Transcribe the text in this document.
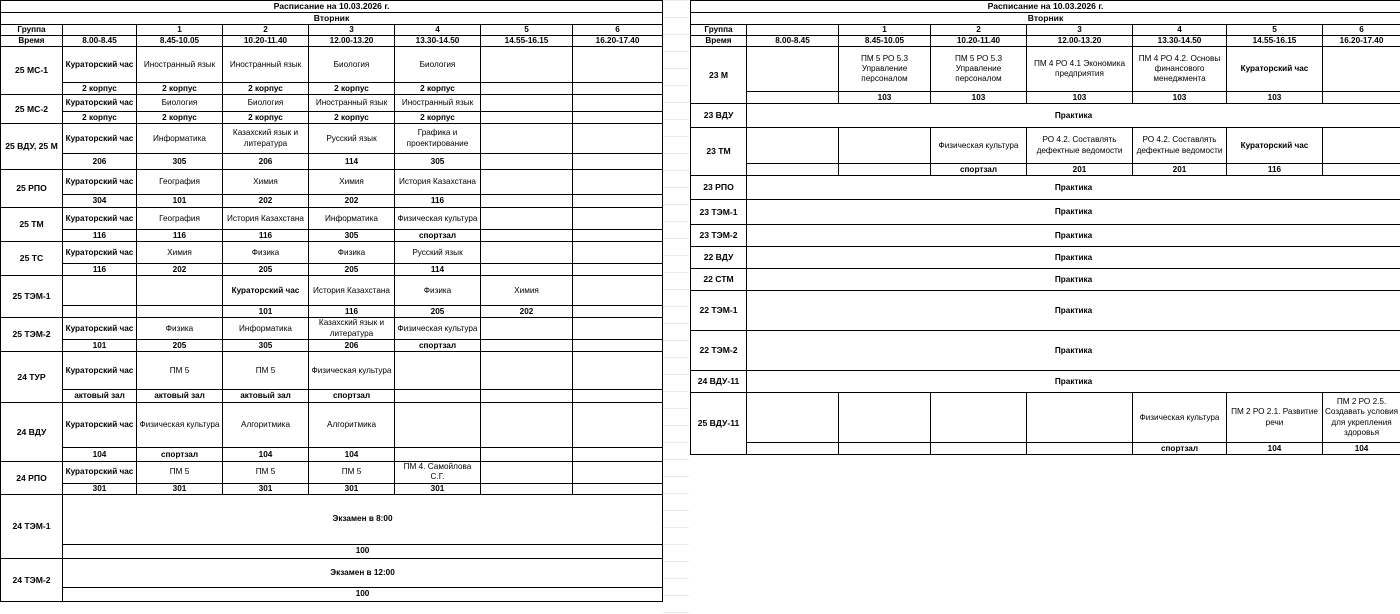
Расписание на 10.03.2026 г.							
Вторник							
Группа		1	2	3	4	5	6
Время	8.00-8.45	8.45-10.05	10.20-11.40	12.00-13.20	13.30-14.50	14.55-16.15	16.20-17.40
25 МС-1	Кураторский час	Иностранный язык	Иностранный язык	Биология	Биология		
	2 корпус	2 корпус	2 корпус	2 корпус	2 корпус		
25 МС-2	Кураторский час	Биология	Биология	Иностранный язык	Иностранный язык		
	2 корпус	2 корпус	2 корпус	2 корпус	2 корпус		
25 ВДУ, 25 М	Кураторский час	Информатика	Казахский язык и литература	Русский язык	Графика и проектирование		
	206	305	206	114	305		
25 РПО	Кураторский час	География	Химия	Химия	История Казахстана		
	304	101	202	202	116		
25 ТМ	Кураторский час	География	История Казахстана	Информатика	Физическая культура		
	116	116	116	305	спортзал		
25 ТС	Кураторский час	Химия	Физика	Физика	Русский язык		
	116	202	205	205	114		
25 ТЭМ-1			Кураторский час	История Казахстана	Физика	Химия	
			101	116	205	202	
25 ТЭМ-2	Кураторский час	Физика	Информатика	Казахский язык и литература	Физическая культура		
	101	205	305	206	спортзал		
24 ТУР	Кураторский час	ПМ 5	ПМ 5	Физическая культура			
	актовый зал	актовый зал	актовый зал	спортзал			
24 ВДУ	Кураторский час	Физическая культура	Алгоритмика	Алгоритмика			
	104	спортзал	104	104			
24 РПО	Кураторский час	ПМ 5	ПМ 5	ПМ 5	ПМ 4. Самойлова С.Г.		
	301	301	301	301	301		
24 ТЭМ-1	Экзамен в 8:00						
	100						
24 ТЭМ-2	Экзамен в 12:00						
	100						
Расписание на 10.03.2026 г.							
Вторник							
Группа		1	2	3	4	5	6
Время	8.00-8.45	8.45-10.05	10.20-11.40	12.00-13.20	13.30-14.50	14.55-16.15	16.20-17.40
23 М		ПМ 5 РО 5.3 Управление персоналом	ПМ 5 РО 5.3 Управление персоналом	ПМ 4 РО 4.1 Экономика предприятия	ПМ 4 РО 4.2. Основы финансового менеджмента	Кураторский час	
		103	103	103	103	103	
23 ВДУ	Практика						
23 ТМ			Физическая культура	РО 4.2. Составлять дефектные ведомости	РО 4.2. Составлять дефектные ведомости	Кураторский час	
			спортзал	201	201	116	
23 РПО	Практика						
23 ТЭМ-1	Практика						
23 ТЭМ-2	Практика						
22 ВДУ	Практика						
22 СТМ	Практика						
22 ТЭМ-1	Практика						
22 ТЭМ-2	Практика						
24 ВДУ-11	Практика						
25 ВДУ-11					Физическая культура	ПМ 2 РО 2.1. Развитие речи	ПМ 2 РО 2.5. Создавать условия для укрепления здоровья
					спортзал	104	104
